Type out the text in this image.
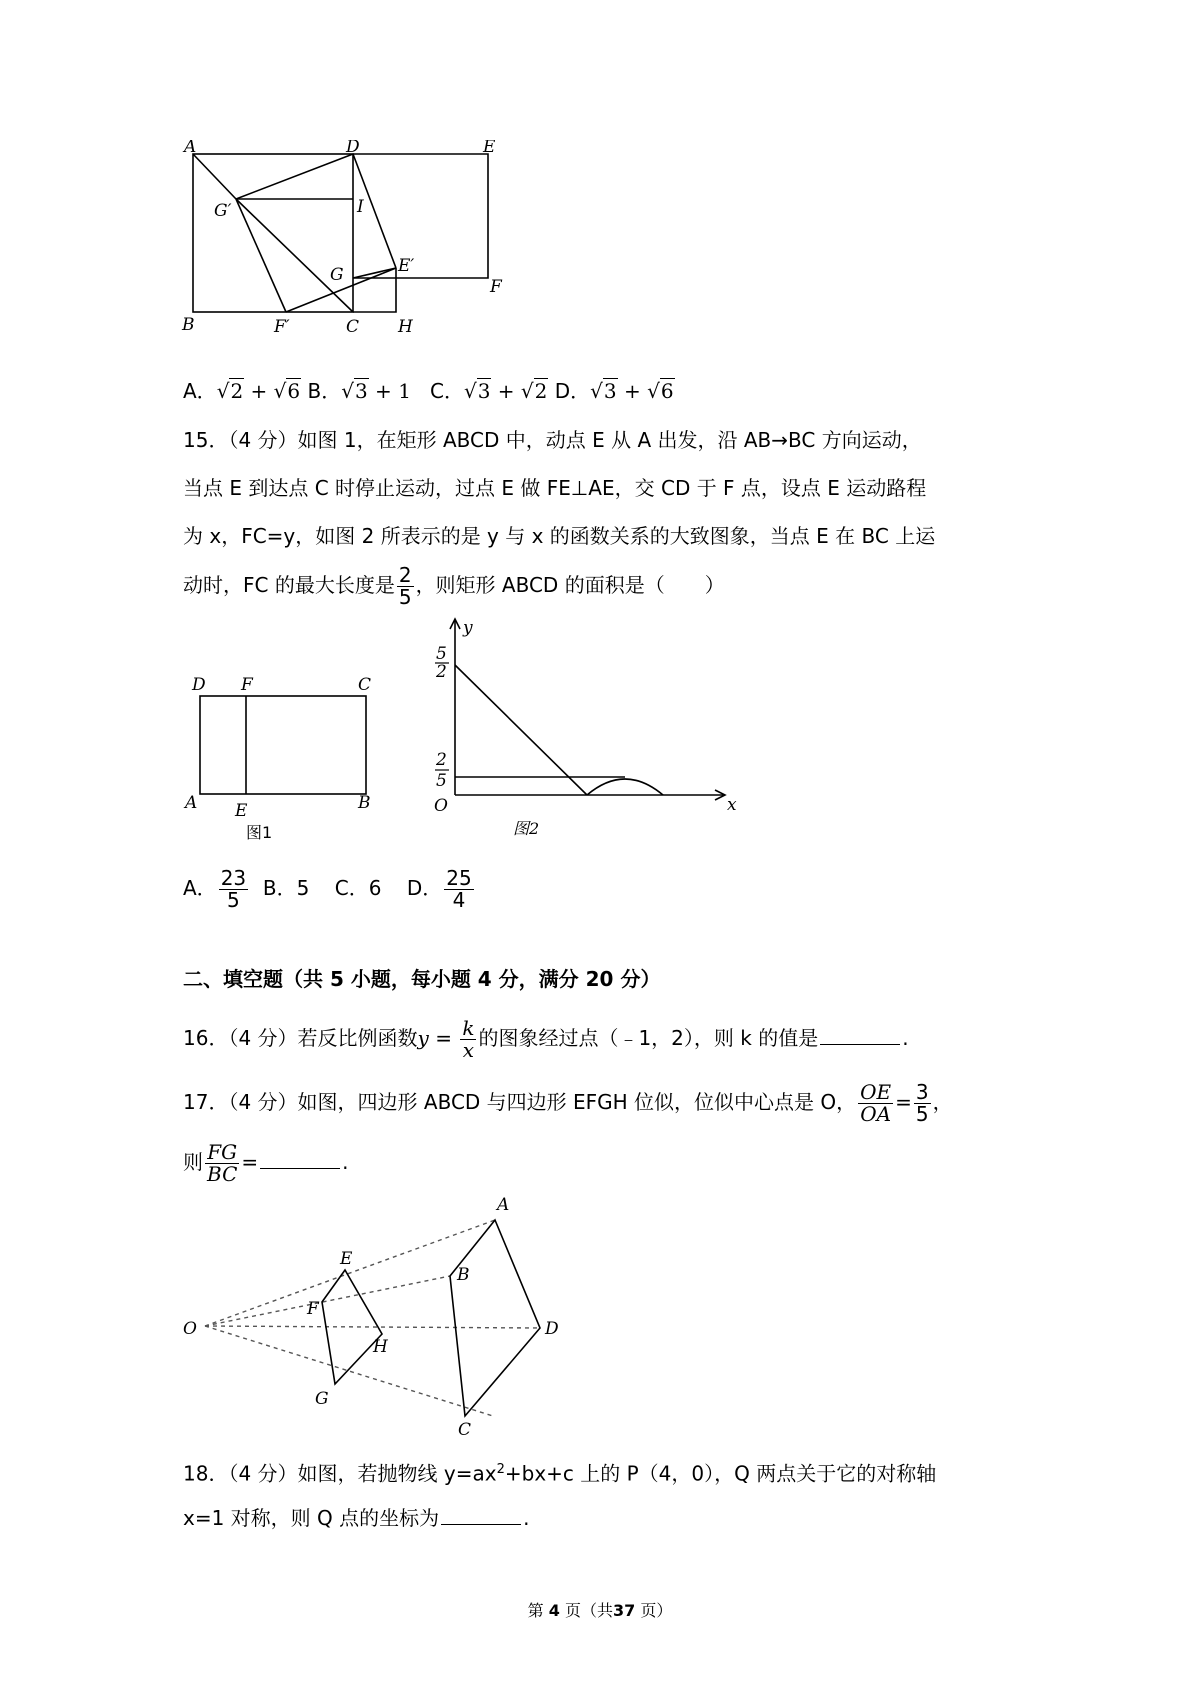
A	D	E
G′	I
G	E′
F
B	F′	C H
A．√2 + √6 B．√3 + 1 C．√3 + √2 D．√3 + √6
15．（4 分）如图 1，在矩形 ABCD 中，动点 E 从 A 出发，沿 AB→BC 方向运动，
当点 E 到达点 C 时停止运动，过点 E 做 FE⊥AE，交 CD 于 F 点，设点 E 运动路程
为 x，FC=y，如图 2 所表示的是 y 与 x 的函数关系的大致图象，当点 E 在 BC 上运
动时，FC 的最大长度是 $\frac{2}{5}$ ，则矩形 ABCD 的面积是（　　）
D F	C
A E	B
图1
y
x
O
5
2
2
5
图2
A． $\frac{23}{5}$ B．5 C．6 D． $\frac{25}{4}$
二、填空题（共 5 小题，每小题 4 分，满分 20 分）
16．（4 分）若反比例函数$y = \frac{k}{x}$ 的图象经过点（﹣1，2），则 k 的值是	.
17．（4 分）如图，四边形 ABCD 与四边形 EFGH 位似，位似中心点是 O， $\frac{OE}{OA} = \frac{3}{5}$ ，
则 $\frac{FG}{BC}$ =	.
O
E
F
G
H
A
B
C
D
18．（4 分）如图，若抛物线 $y=ax^2+bx+c$ 上的 P（4，0），Q 两点关于它的对称轴
x=1 对称，则 Q 点的坐标为	.
第 4 页（共37 页）
